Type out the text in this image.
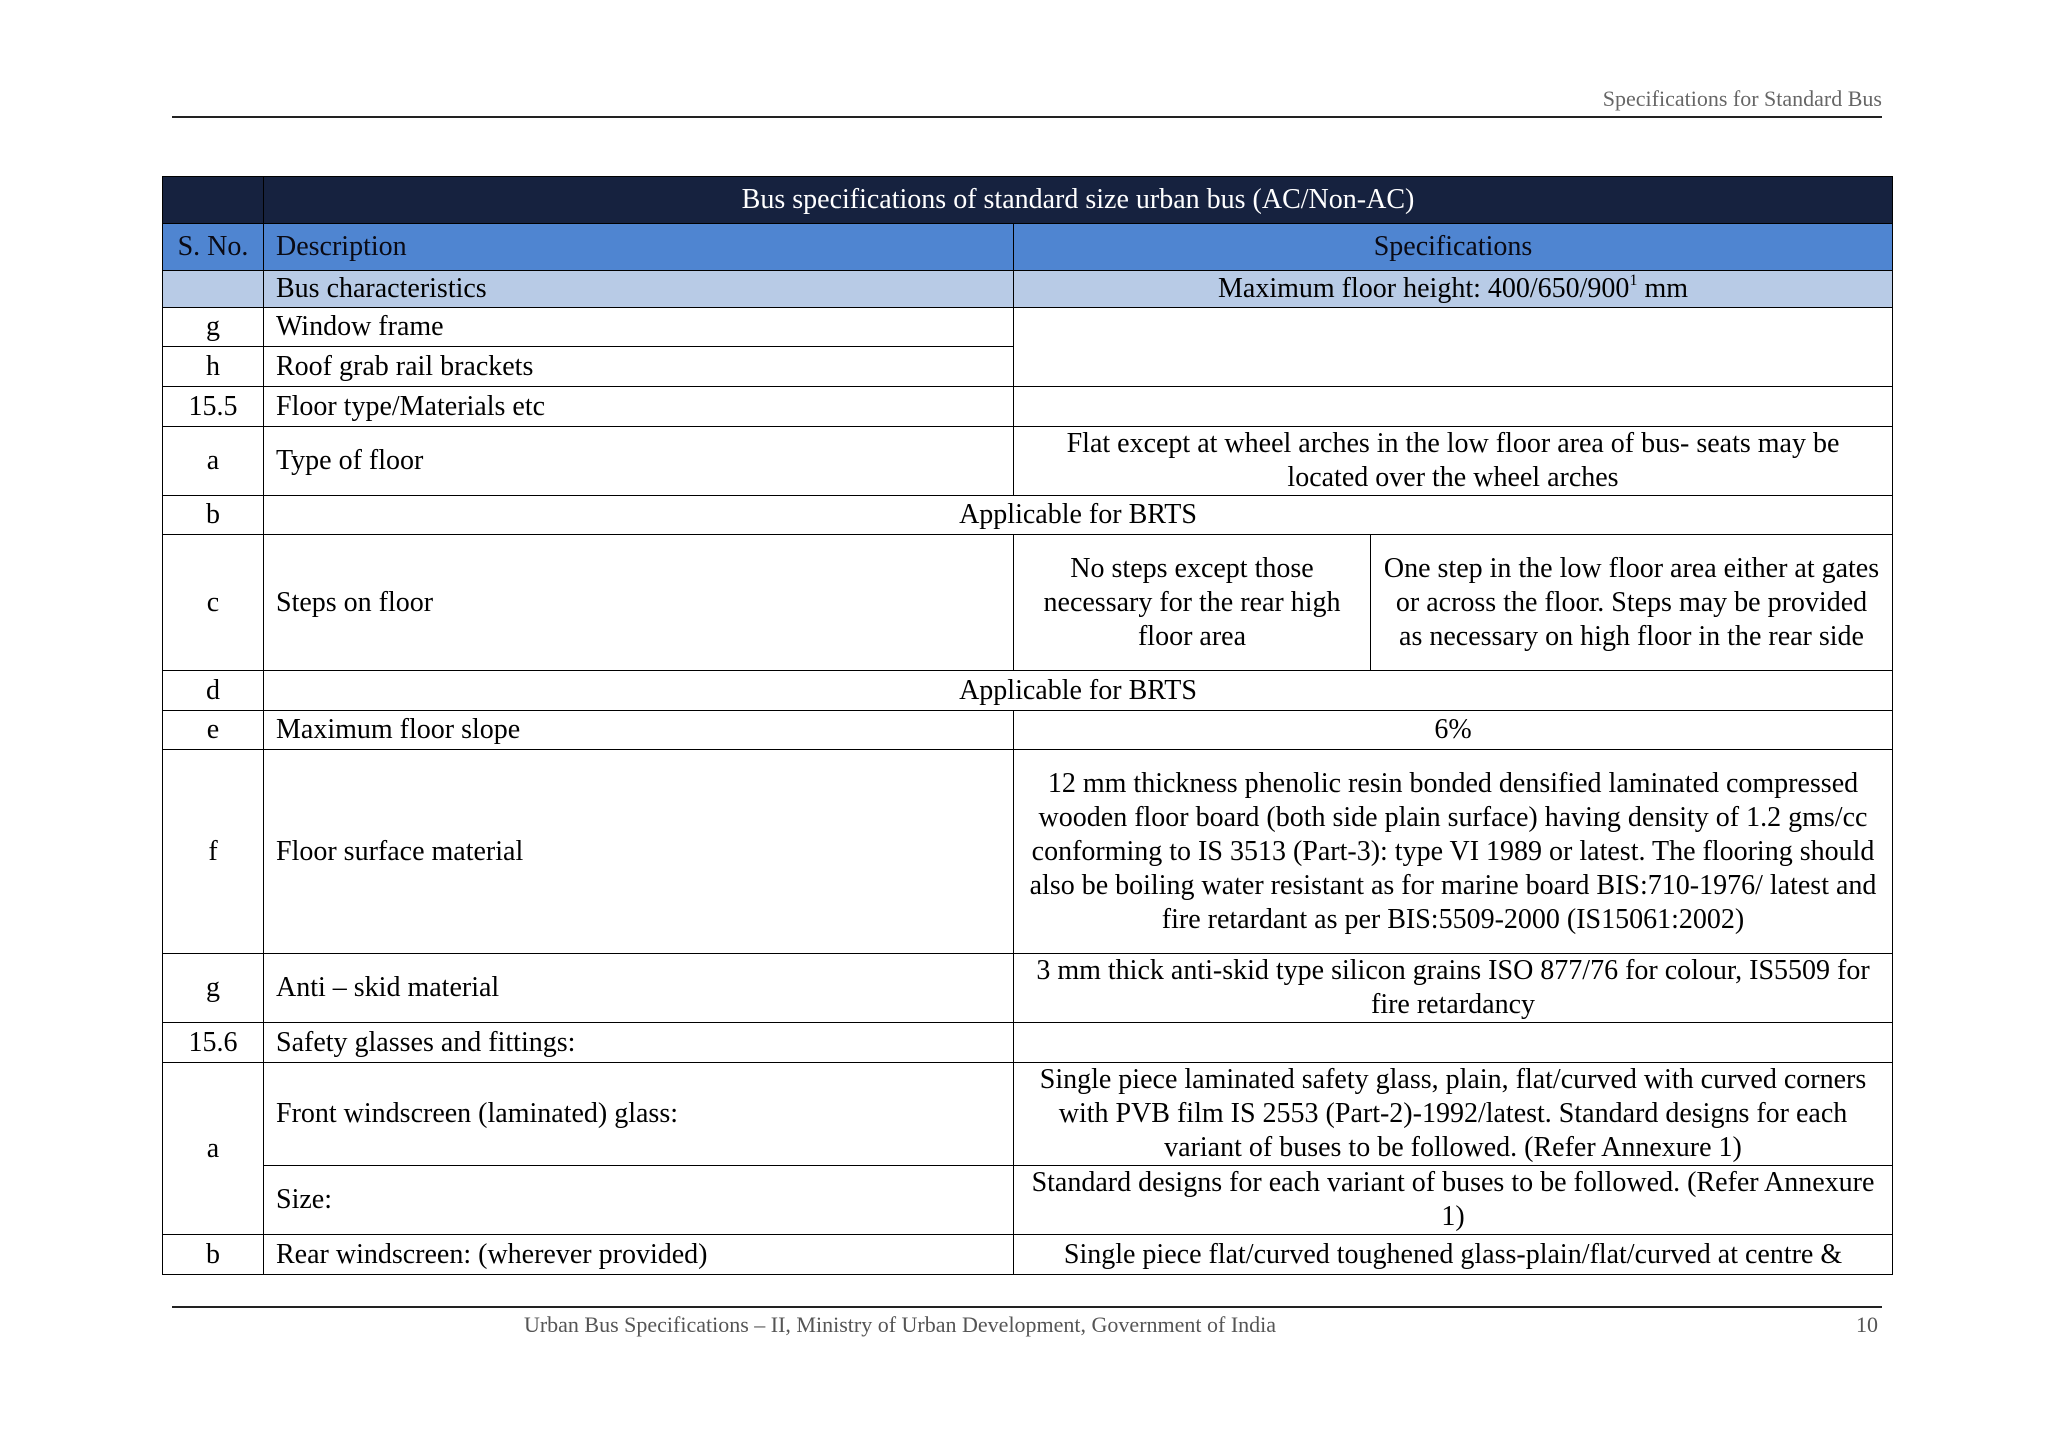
Specifications for Standard Bus
	Bus specifications of standard size urban bus (AC/Non-AC)		
S. No.	Description	Specifications	
	Bus characteristics	Maximum floor height: $400/650/900^1$ mm	
g	Window frame		
h	Roof grab rail brackets		
15.5	Floor type/Materials etc		
a	Type of floor	Flat except at wheel arches in the low floor area of bus- seats may be located over the wheel arches	
b	Applicable for BRTS		
c	Steps on floor	No steps except those necessary for the rear high floor area	One step in the low floor area either at gates or across the floor. Steps may be provided as necessary on high floor in the rear side
d	Applicable for BRTS		
e	Maximum floor slope	6%	
f	Floor surface material	12 mm thickness phenolic resin bonded densified laminated compressed wooden floor board (both side plain surface) having density of 1.2 gms/cc conforming to IS 3513 (Part-3): type VI 1989 or latest. The flooring should also be boiling water resistant as for marine board BIS:710-1976/ latest and fire retardant as per BIS:5509-2000 (IS15061:2002)	
g	Anti – skid material	3 mm thick anti-skid type silicon grains ISO 877/76 for colour, IS5509 for fire retardancy	
15.6	Safety glasses and fittings:		
a	Front windscreen (laminated) glass:	Single piece laminated safety glass, plain, flat/curved with curved corners with PVB film IS 2553 (Part-2)-1992/latest. Standard designs for each variant of buses to be followed. (Refer Annexure 1)	
	Size:	Standard designs for each variant of buses to be followed. (Refer Annexure 1)	
b	Rear windscreen: (wherever provided)	Single piece flat/curved toughened glass-plain/flat/curved at centre &	
Urban Bus Specifications – II, Ministry of Urban Development, Government of India	10
